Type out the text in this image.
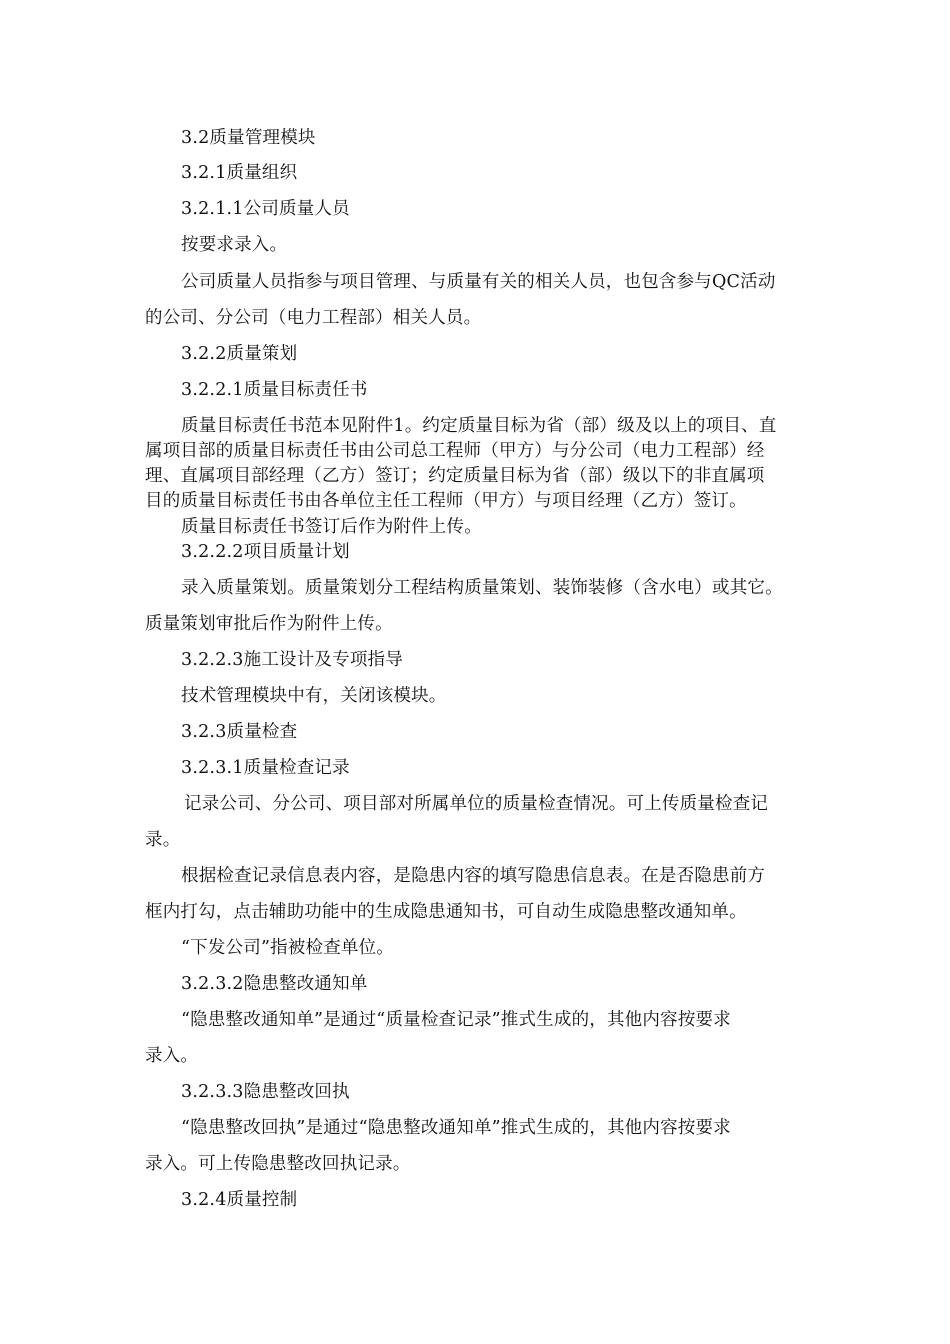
3.2质量管理模块
3.2.1质量组织
3.2.1.1公司质量人员
按要求录入。
公司质量人员指参与项目管理、与质量有关的相关人员，也包含参与QC活动
的公司、分公司（电力工程部）相关人员。
3.2.2质量策划
3.2.2.1质量目标责任书
质量目标责任书范本见附件1。约定质量目标为省（部）级及以上的项目、直
属项目部的质量目标责任书由公司总工程师（甲方）与分公司（电力工程部）经
理、直属项目部经理（乙方）签订；约定质量目标为省（部）级以下的非直属项
目的质量目标责任书由各单位主任工程师（甲方）与项目经理（乙方）签订。
质量目标责任书签订后作为附件上传。
3.2.2.2项目质量计划
录入质量策划。质量策划分工程结构质量策划、装饰装修（含水电）或其它。
质量策划审批后作为附件上传。
3.2.2.3施工设计及专项指导
技术管理模块中有，关闭该模块。
3.2.3质量检查
3.2.3.1质量检查记录
记录公司、分公司、项目部对所属单位的质量检查情况。可上传质量检查记
录。
根据检查记录信息表内容，是隐患内容的填写隐患信息表。在是否隐患前方
框内打勾，点击辅助功能中的生成隐患通知书，可自动生成隐患整改通知单。
“下发公司”指被检查单位。
3.2.3.2隐患整改通知单
“隐患整改通知单”是通过“质量检查记录”推式生成的，其他内容按要求
录入。
3.2.3.3隐患整改回执
“隐患整改回执”是通过“隐患整改通知单”推式生成的，其他内容按要求
录入。可上传隐患整改回执记录。
3.2.4质量控制
